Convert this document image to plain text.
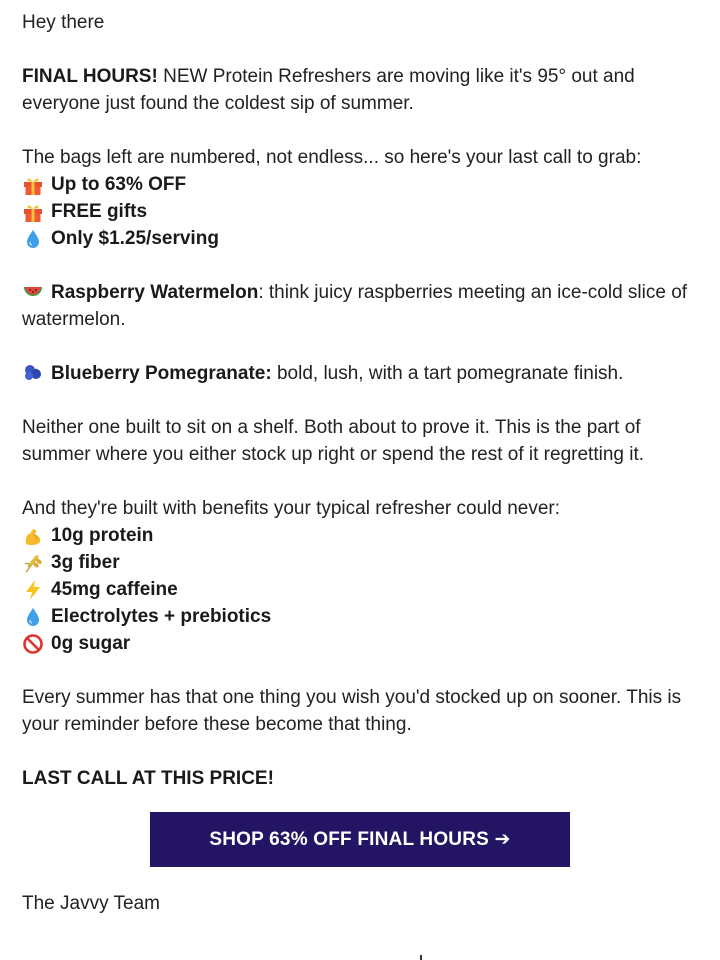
Hey there

FINAL HOURS! NEW Protein Refreshers are moving like it's 95° out and
everyone just found the coldest sip of summer.

The bags left are numbered, not endless... so here's your last call to grab:
Up to 63% OFF
FREE gifts
Only $1.25/serving

Raspberry Watermelon: think juicy raspberries meeting an ice-cold slice of
watermelon.

Blueberry Pomegranate: bold, lush, with a tart pomegranate finish.

Neither one built to sit on a shelf. Both about to prove it. This is the part of
summer where you either stock up right or spend the rest of it regretting it.

And they're built with benefits your typical refresher could never:
10g protein
3g fiber
45mg caffeine
Electrolytes + prebiotics
0g sugar

Every summer has that one thing you wish you'd stocked up on sooner. This is
your reminder before these become that thing.

LAST CALL AT THIS PRICE!

SHOP 63% OFF FINAL HOURS ➔

The Javvy Team
